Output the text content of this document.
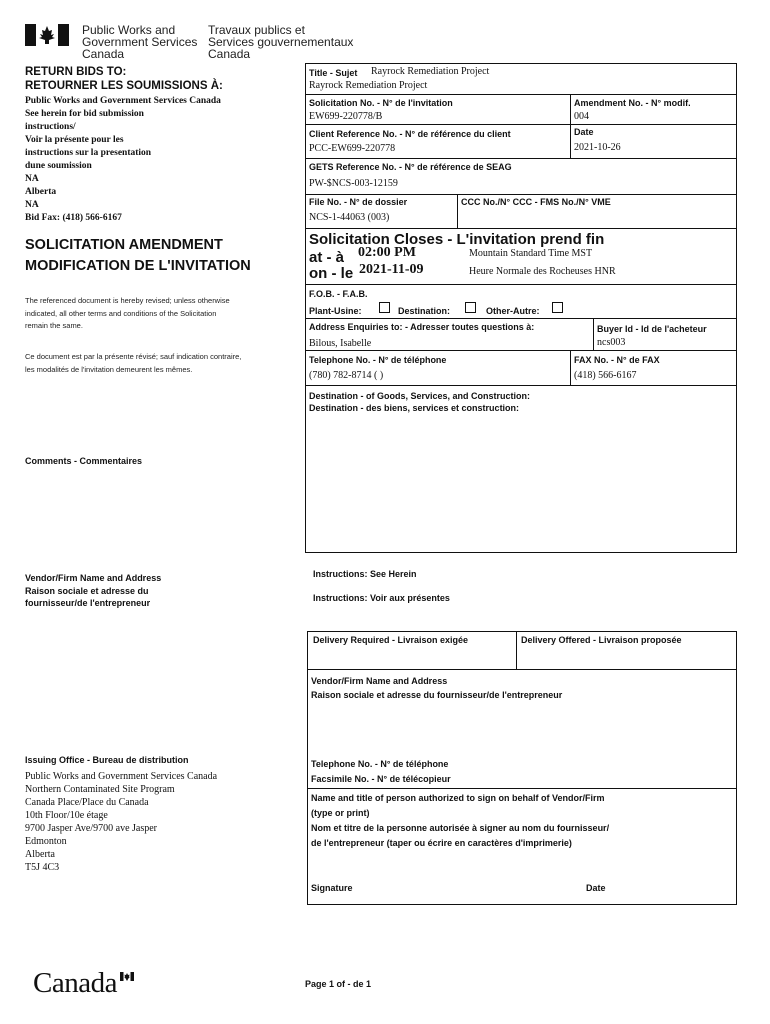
Public Works and
Government Services
Canada
Travaux publics et
Services gouvernementaux
Canada
RETURN BIDS TO:
RETOURNER LES SOUMISSIONS À:
Public Works and Government Services Canada
See herein for bid submission
instructions/
Voir la présente pour les
instructions sur la presentation
dune soumission
NA
Alberta
NA
Bid Fax: (418) 566-6167
SOLICITATION AMENDMENT
MODIFICATION DE L'INVITATION
The referenced document is hereby revised; unless otherwise
indicated, all other terms and conditions of the Solicitation
remain the same.
Ce document est par la présente révisé; sauf indication contraire,
les modalités de l'invitation demeurent les mêmes.
Comments - Commentaires
Vendor/Firm Name and Address
Raison sociale et adresse du
fournisseur/de l'entrepreneur
Issuing Office - Bureau de distribution
Public Works and Government Services Canada
Northern Contaminated Site Program
Canada Place/Place du Canada
10th Floor/10e étage
9700 Jasper Ave/9700 ave Jasper
Edmonton
Alberta
T5J 4C3
Title - Sujet Rayrock Remediation Project
Rayrock Remediation Project
Solicitation No. - N° de l'invitation
EW699-220778/B
Amendment No. - N° modif.
004
Client Reference No. - N° de référence du client
PCC-EW699-220778
Date
2021-10-26
GETS Reference No. - N° de référence de SEAG
PW-$NCS-003-12159
File No. - N° de dossier
NCS-1-44063 (003)
CCC No./N° CCC - FMS No./N° VME
Solicitation Closes - L'invitation prend fin
at - à 02:00 PM	Mountain Standard Time MST
on - le 2021-11-09	Heure Normale des Rocheuses HNR
F.O.B. - F.A.B.
Plant-Usine:	Destination:	Other-Autre:
Address Enquiries to: - Adresser toutes questions à:
Bilous, Isabelle
Buyer Id - Id de l'acheteur
ncs003
Telephone No. - N° de téléphone
(780) 782-8714 ( )
FAX No. - N° de FAX
(418) 566-6167
Destination - of Goods, Services, and Construction:
Destination - des biens, services et construction:
Instructions: See Herein
Instructions: Voir aux présentes
Delivery Required - Livraison exigée	Delivery Offered - Livraison proposée
Vendor/Firm Name and Address
Raison sociale et adresse du fournisseur/de l'entrepreneur
Telephone No. - N° de téléphone
Facsimile No. - N° de télécopieur
Name and title of person authorized to sign on behalf of Vendor/Firm
(type or print)
Nom et titre de la personne autorisée à signer au nom du fournisseur/
de l'entrepreneur (taper ou écrire en caractères d'imprimerie)
Signature	Date
Canada	Page 1 of - de 1
